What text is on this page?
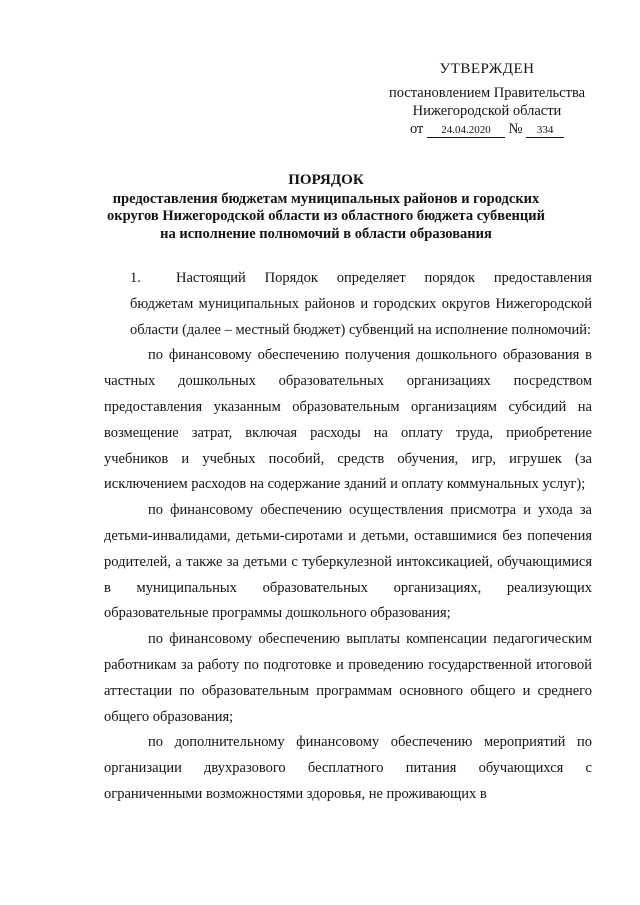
УТВЕРЖДЕН
постановлением Правительства
Нижегородской области
от 24.04.2020 № 334
ПОРЯДОК
предоставления бюджетам муниципальных районов и городских
округов Нижегородской области из областного бюджета субвенций
на исполнение полномочий в области образования

1. Настоящий Порядок определяет порядок предоставления бюджетам муниципальных районов и городских округов Нижегородской области (далее – местный бюджет) субвенций на исполнение полномочий:

по финансовому обеспечению получения дошкольного образования в частных дошкольных образовательных организациях посредством предоставления указанным образовательным организациям субсидий на возмещение затрат, включая расходы на оплату труда, приобретение учебников и учебных пособий, средств обучения, игр, игрушек (за исключением расходов на содержание зданий и оплату коммунальных услуг);

по финансовому обеспечению осуществления присмотра и ухода за детьми-инвалидами, детьми-сиротами и детьми, оставшимися без попечения родителей, а также за детьми с туберкулезной интоксикацией, обучающимися в муниципальных образовательных организациях, реализующих образовательные программы дошкольного образования;

по финансовому обеспечению выплаты компенсации педагогическим работникам за работу по подготовке и проведению государственной итоговой аттестации по образовательным программам основного общего и среднего общего образования;

по дополнительному финансовому обеспечению мероприятий по организации двухразового бесплатного питания обучающихся с ограниченными возможностями здоровья, не проживающих в
